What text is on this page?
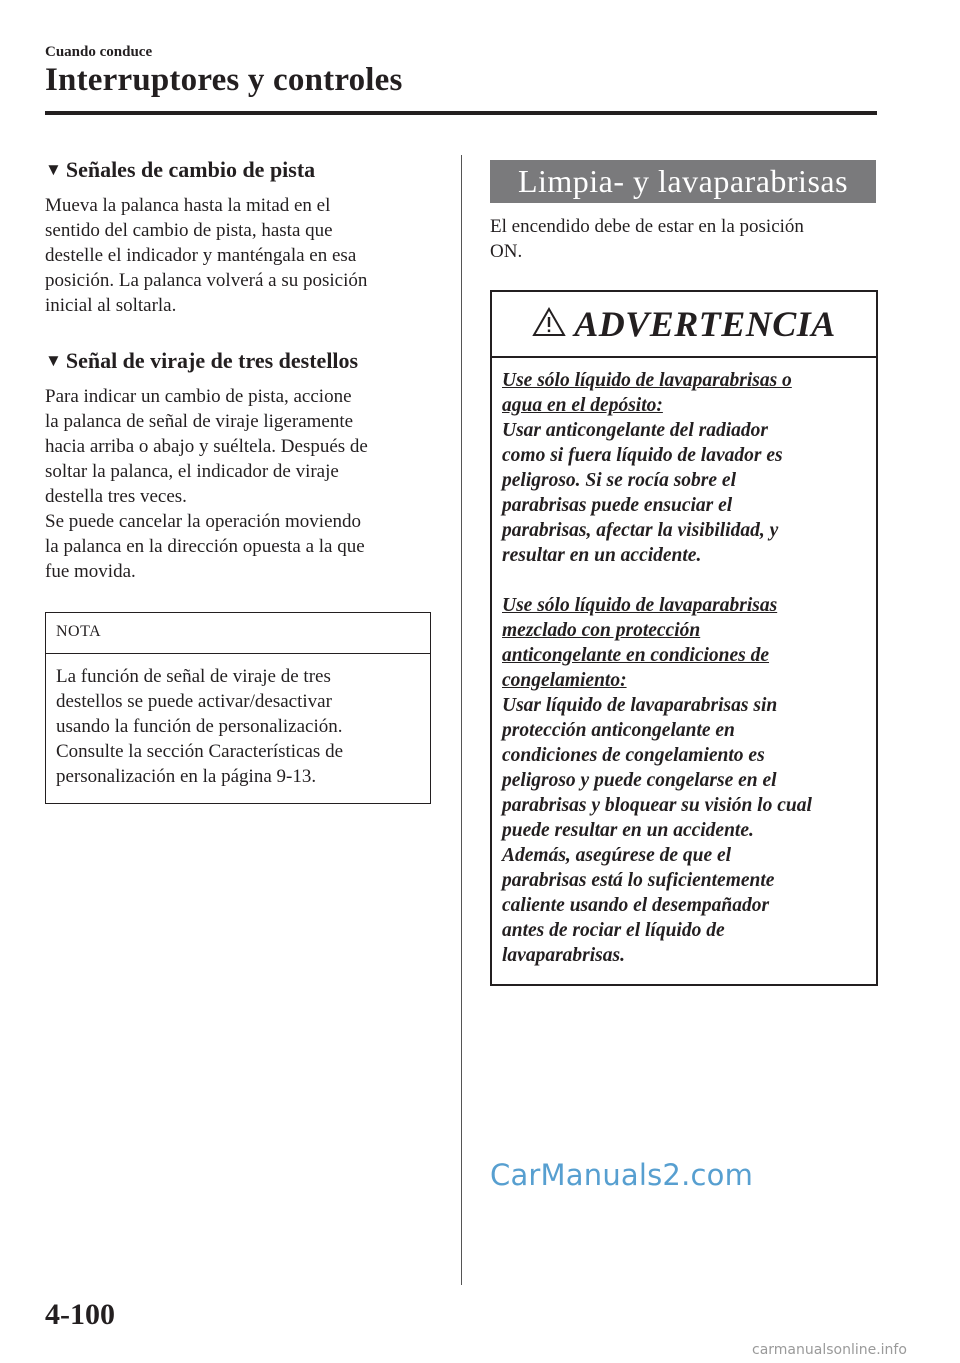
Cuando conduce
Interruptores y controles
▼ Señales de cambio de pista

Mueva la palanca hasta la mitad en el
sentido del cambio de pista, hasta que
destelle el indicador y manténgala en esa
posición. La palanca volverá a su posición
inicial al soltarla.

▼ Señal de viraje de tres destellos

Para indicar un cambio de pista, accione
la palanca de señal de viraje ligeramente
hacia arriba o abajo y suéltela. Después de
soltar la palanca, el indicador de viraje
destella tres veces.
Se puede cancelar la operación moviendo
la palanca en la dirección opuesta a la que
fue movida.

NOTA
La función de señal de viraje de tres
destellos se puede activar/desactivar
usando la función de personalización.
Consulte la sección Características de
personalización en la página 9-13.
Limpia- y lavaparabrisas

El encendido debe de estar en la posición
ON.

ADVERTENCIA
Use sólo líquido de lavaparabrisas o
agua en el depósito:
Usar anticongelante del radiador
como si fuera líquido de lavador es
peligroso. Si se rocía sobre el
parabrisas puede ensuciar el
parabrisas, afectar la visibilidad, y
resultar en un accidente.
Use sólo líquido de lavaparabrisas
mezclado con protección
anticongelante en condiciones de
congelamiento:
Usar líquido de lavaparabrisas sin
protección anticongelante en
condiciones de congelamiento es
peligroso y puede congelarse en el
parabrisas y bloquear su visión lo cual
puede resultar en un accidente.
Además, asegúrese de que el
parabrisas está lo suficientemente
caliente usando el desempañador
antes de rociar el líquido de
lavaparabrisas.
CarManuals2.com
4-100
carmanualsonline.info
